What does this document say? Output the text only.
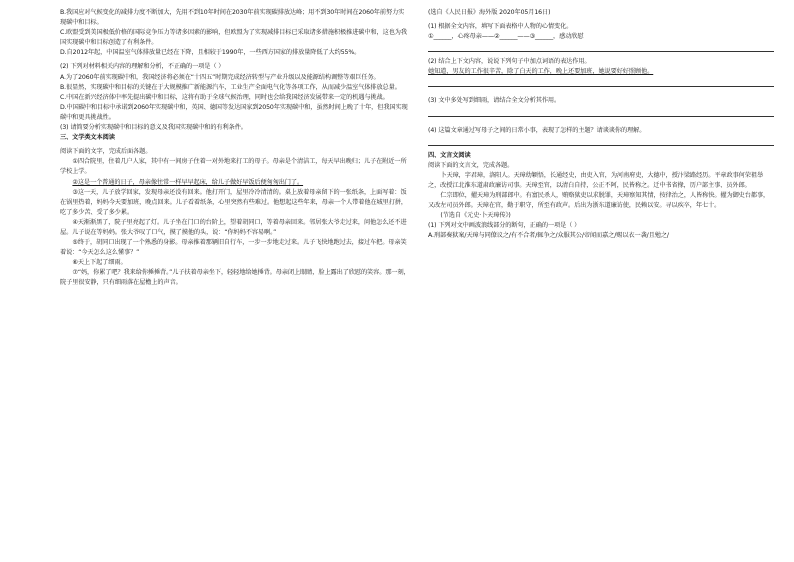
B.我国应对气候变化的减排力度不断加大，先用不到10年时间在2030年前实现碳排放达峰；用不到30年时间在2060年前努力实现碳中和目标。

C.欧盟受到美国极低价格的国际竞争压力等诸多因素的影响，但欧盟为了实现减排目标已采取诸多措施积极推进碳中和，这也为我国实现碳中和目标创造了有利条件。

D.自2012年起，中国温室气体排放量已经在下降，且相较于1990年，一些西方国家的排放量降低了大约55%。

(2) 下列对材料相关内容的理解和分析，不正确的一项是（ ）

A.为了2060年前实现碳中和，我国经济将必须在“十四五”时期完成经济转型与产业升级以及能源结构调整等艰巨任务。

B.很显然，实现碳中和目标的关键在于大规模推广新能源汽车，工业生产全面电气化等各项工作，从而减少温室气体排放总量。

C.中国在新兴经济体中率先提出碳中和目标，这将有助于全球气候治理，同时也会给我国经济发展带来一定的机遇与挑战。

D.中国碳中和目标中承诺到2060年实现碳中和，英国、德国等发达国家到2050年实现碳中和，虽然时间上晚了十年，但我国实现碳中和更具挑战性。

(3) 请简要分析实现碳中和目标的意义及我国实现碳中和的有利条件。

三、文学类文本阅读

阅读下面的文字，完成后面各题。

①四合院里，住着几户人家，其中有一间房子住着一对外地来打工的母子。母亲是个清洁工，每天早出晚归；儿子在附近一所学校上学。

②这是一个普通的日子，母亲像往常一样早早起床，给儿子做好早饭后便匆匆出门了。

③这一天，儿子放学回家，发现母亲还没有回来。他打开门，屋里冷冷清清的。桌上放着母亲留下的一张纸条，上面写着：饭在锅里热着，妈妈今天要加班，晚点回来。儿子看着纸条，心里突然有些难过。他想起这些年来，母亲一个人带着他在城里打拼，吃了多少苦、受了多少累。

④天渐渐黑了，院子里亮起了灯。儿子坐在门口的台阶上，望着胡同口，等着母亲回来。邻居张大爷走过来，问他怎么还不进屋。儿子说在等妈妈。张大爷叹了口气，摸了摸他的头，说：“你妈妈不容易啊。”

⑤终于，胡同口出现了一个熟悉的身影。母亲推着那辆旧自行车，一步一步地走过来。儿子飞快地跑过去，接过车把。母亲笑着说：“今天怎么这么懂事？”

⑥天上下起了细雨。

⑦“妈，你累了吧？我来给你捶捶背。”儿子扶着母亲坐下，轻轻地给她捶背。母亲闭上眼睛，脸上露出了欣慰的笑容。那一刻，院子里很安静，只有细雨落在屋檐上的声音。

(选自《人民日报》海外版 2020年05月16日)

(1) 根据全文内容，填写下面表格中人物的心情变化。

①______，心疼母亲——②______——③______，感动欣慰

(2) 结合上下文内容，说说下列句子中加点词语的表达作用。

她知道，男友的工作很辛苦，除了白天的工作，晚上还要加班，她说要好好照顾他。

(3) 文中多处写到细雨，请结合全文分析其作用。

(4) 这篇文章通过写母子之间的日常小事，表现了怎样的主题？请谈谈你的理解。

四、文言文阅读

阅读下面的文言文，完成各题。

卜天璋，字君璋，洛阳人。天璋幼颖悟，长通经史，由吏入官，为河南府吏，大德中，授汴梁路经历。平章政事何荣祖举之，改授江北淮东道肃政廉访司事。天璋至官，以清白自持，公正不阿，民皆称之。迁中书省掾，历户部主事、员外郎。

仁宗即位，擢天璋为刑部郎中。有富民杀人，贿赂狱吏以求脱罪，天璋察知其情，按律治之，人皆称快。擢为御史台都事，又改左司员外郎。天璋在官，勤于职守，所至有政声。后出为浙东道廉访使，民赖以安。寻以疾卒，年七十。

(节选自《元史·卜天璋传》)

(1) 下列对文中画波浪线部分的断句，正确的一项是（ ）

A.刑部奏狱案/天璋与同僚议之/有不合者/辄争之/众服其公/帝闻而嘉之/赐以衣一袭/且勉之/
